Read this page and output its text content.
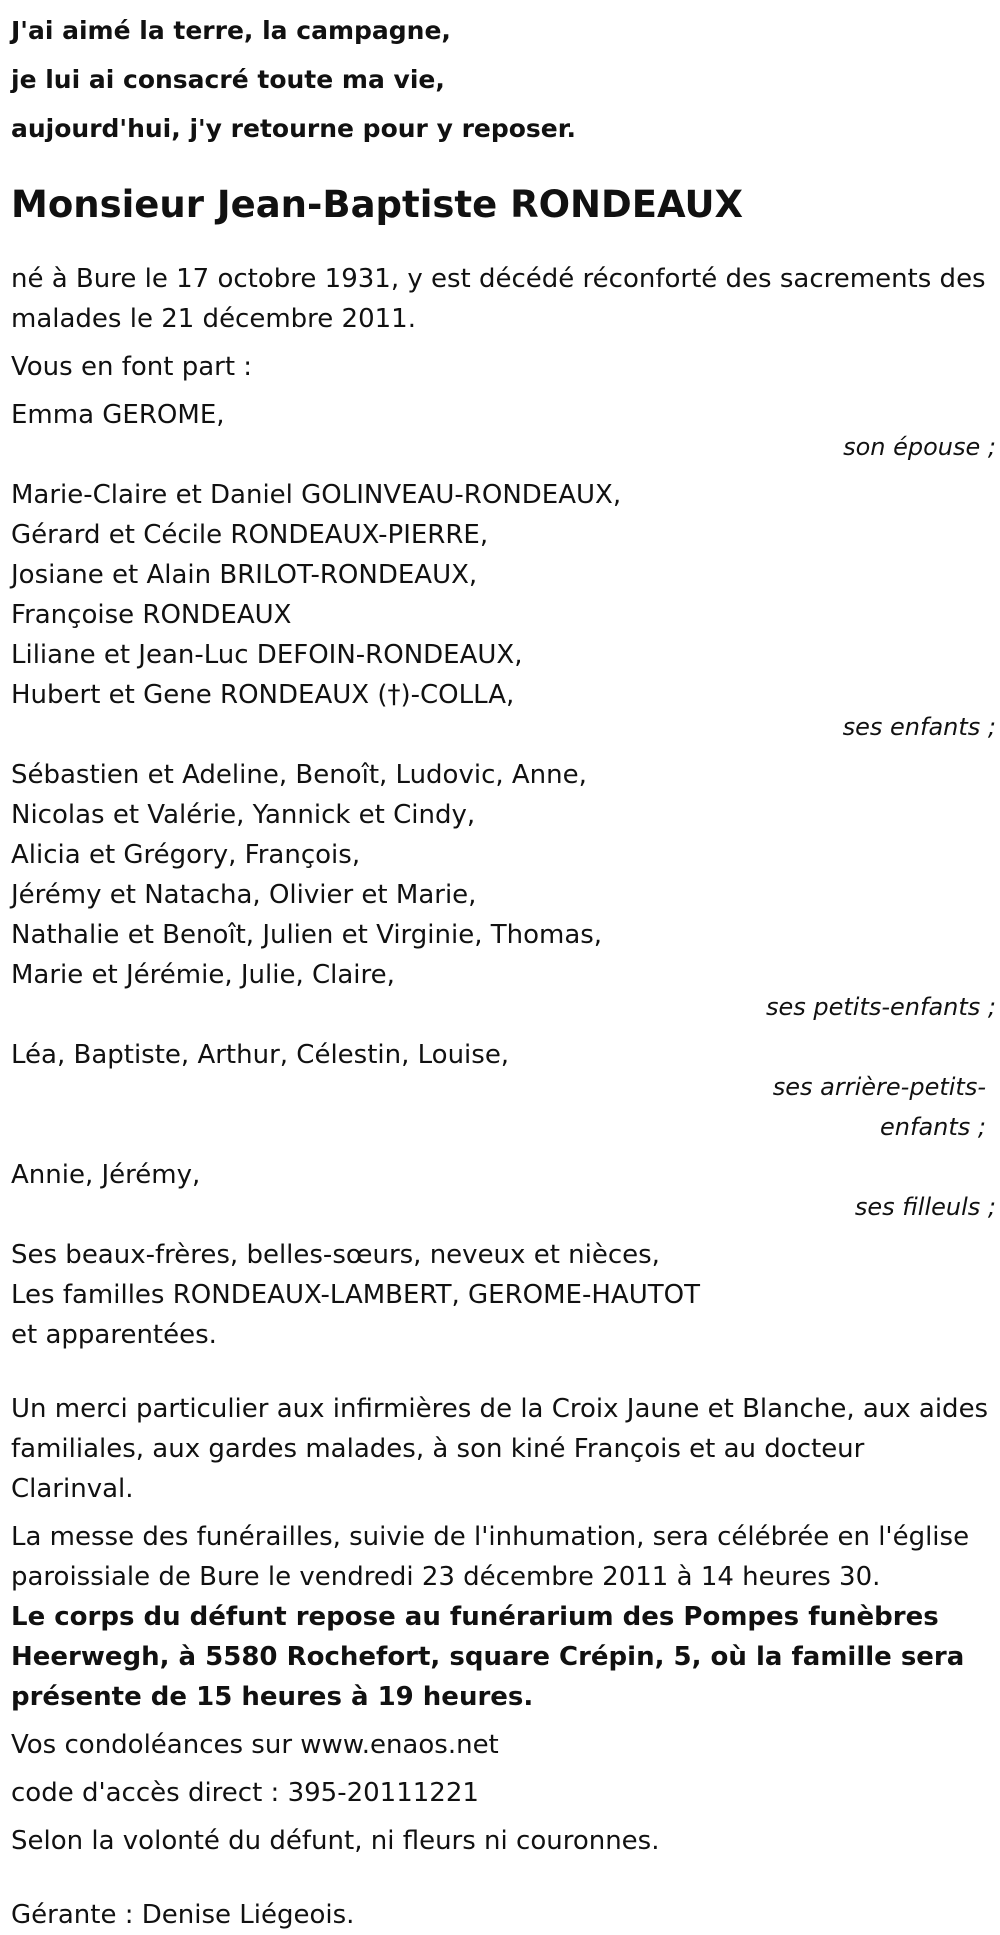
J'ai aimé la terre, la campagne,
je lui ai consacré toute ma vie,
aujourd'hui, j'y retourne pour y reposer.
Monsieur Jean-Baptiste RONDEAUX

né à Bure le 17 octobre 1931, y est décédé réconforté des sacrements des malades le 21 décembre 2011.

Vous en font part :

Emma GEROME,
son épouse ;
Marie-Claire et Daniel GOLINVEAU-RONDEAUX,
Gérard et Cécile RONDEAUX-PIERRE,
Josiane et Alain BRILOT-RONDEAUX,
Françoise RONDEAUX
Liliane et Jean-Luc DEFOIN-RONDEAUX,
Hubert et Gene RONDEAUX (†)-COLLA,
ses enfants ;
Sébastien et Adeline, Benoît, Ludovic, Anne,
Nicolas et Valérie, Yannick et Cindy,
Alicia et Grégory, François,
Jérémy et Natacha, Olivier et Marie,
Nathalie et Benoît, Julien et Virginie, Thomas,
Marie et Jérémie, Julie, Claire,
ses petits-enfants ;
Léa, Baptiste, Arthur, Célestin, Louise,
ses arrière-petits-
enfants ;
Annie, Jérémy,
ses filleuls ;
Ses beaux-frères, belles-sœurs, neveux et nièces,
Les familles RONDEAUX-LAMBERT, GEROME-HAUTOT
et apparentées.

Un merci particulier aux infirmières de la Croix Jaune et Blanche, aux aides familiales, aux gardes malades, à son kiné François et au docteur Clarinval.

La messe des funérailles, suivie de l'inhumation, sera célébrée en l'église paroissiale de Bure le vendredi 23 décembre 2011 à 14 heures 30.

Le corps du défunt repose au funérarium des Pompes funèbres Heerwegh, à 5580 Rochefort, square Crépin, 5, où la famille sera présente de 15 heures à 19 heures.

Vos condoléances sur www.enaos.net

code d'accès direct : 395-20111221

Selon la volonté du défunt, ni fleurs ni couronnes.

Gérante : Denise Liégeois.
